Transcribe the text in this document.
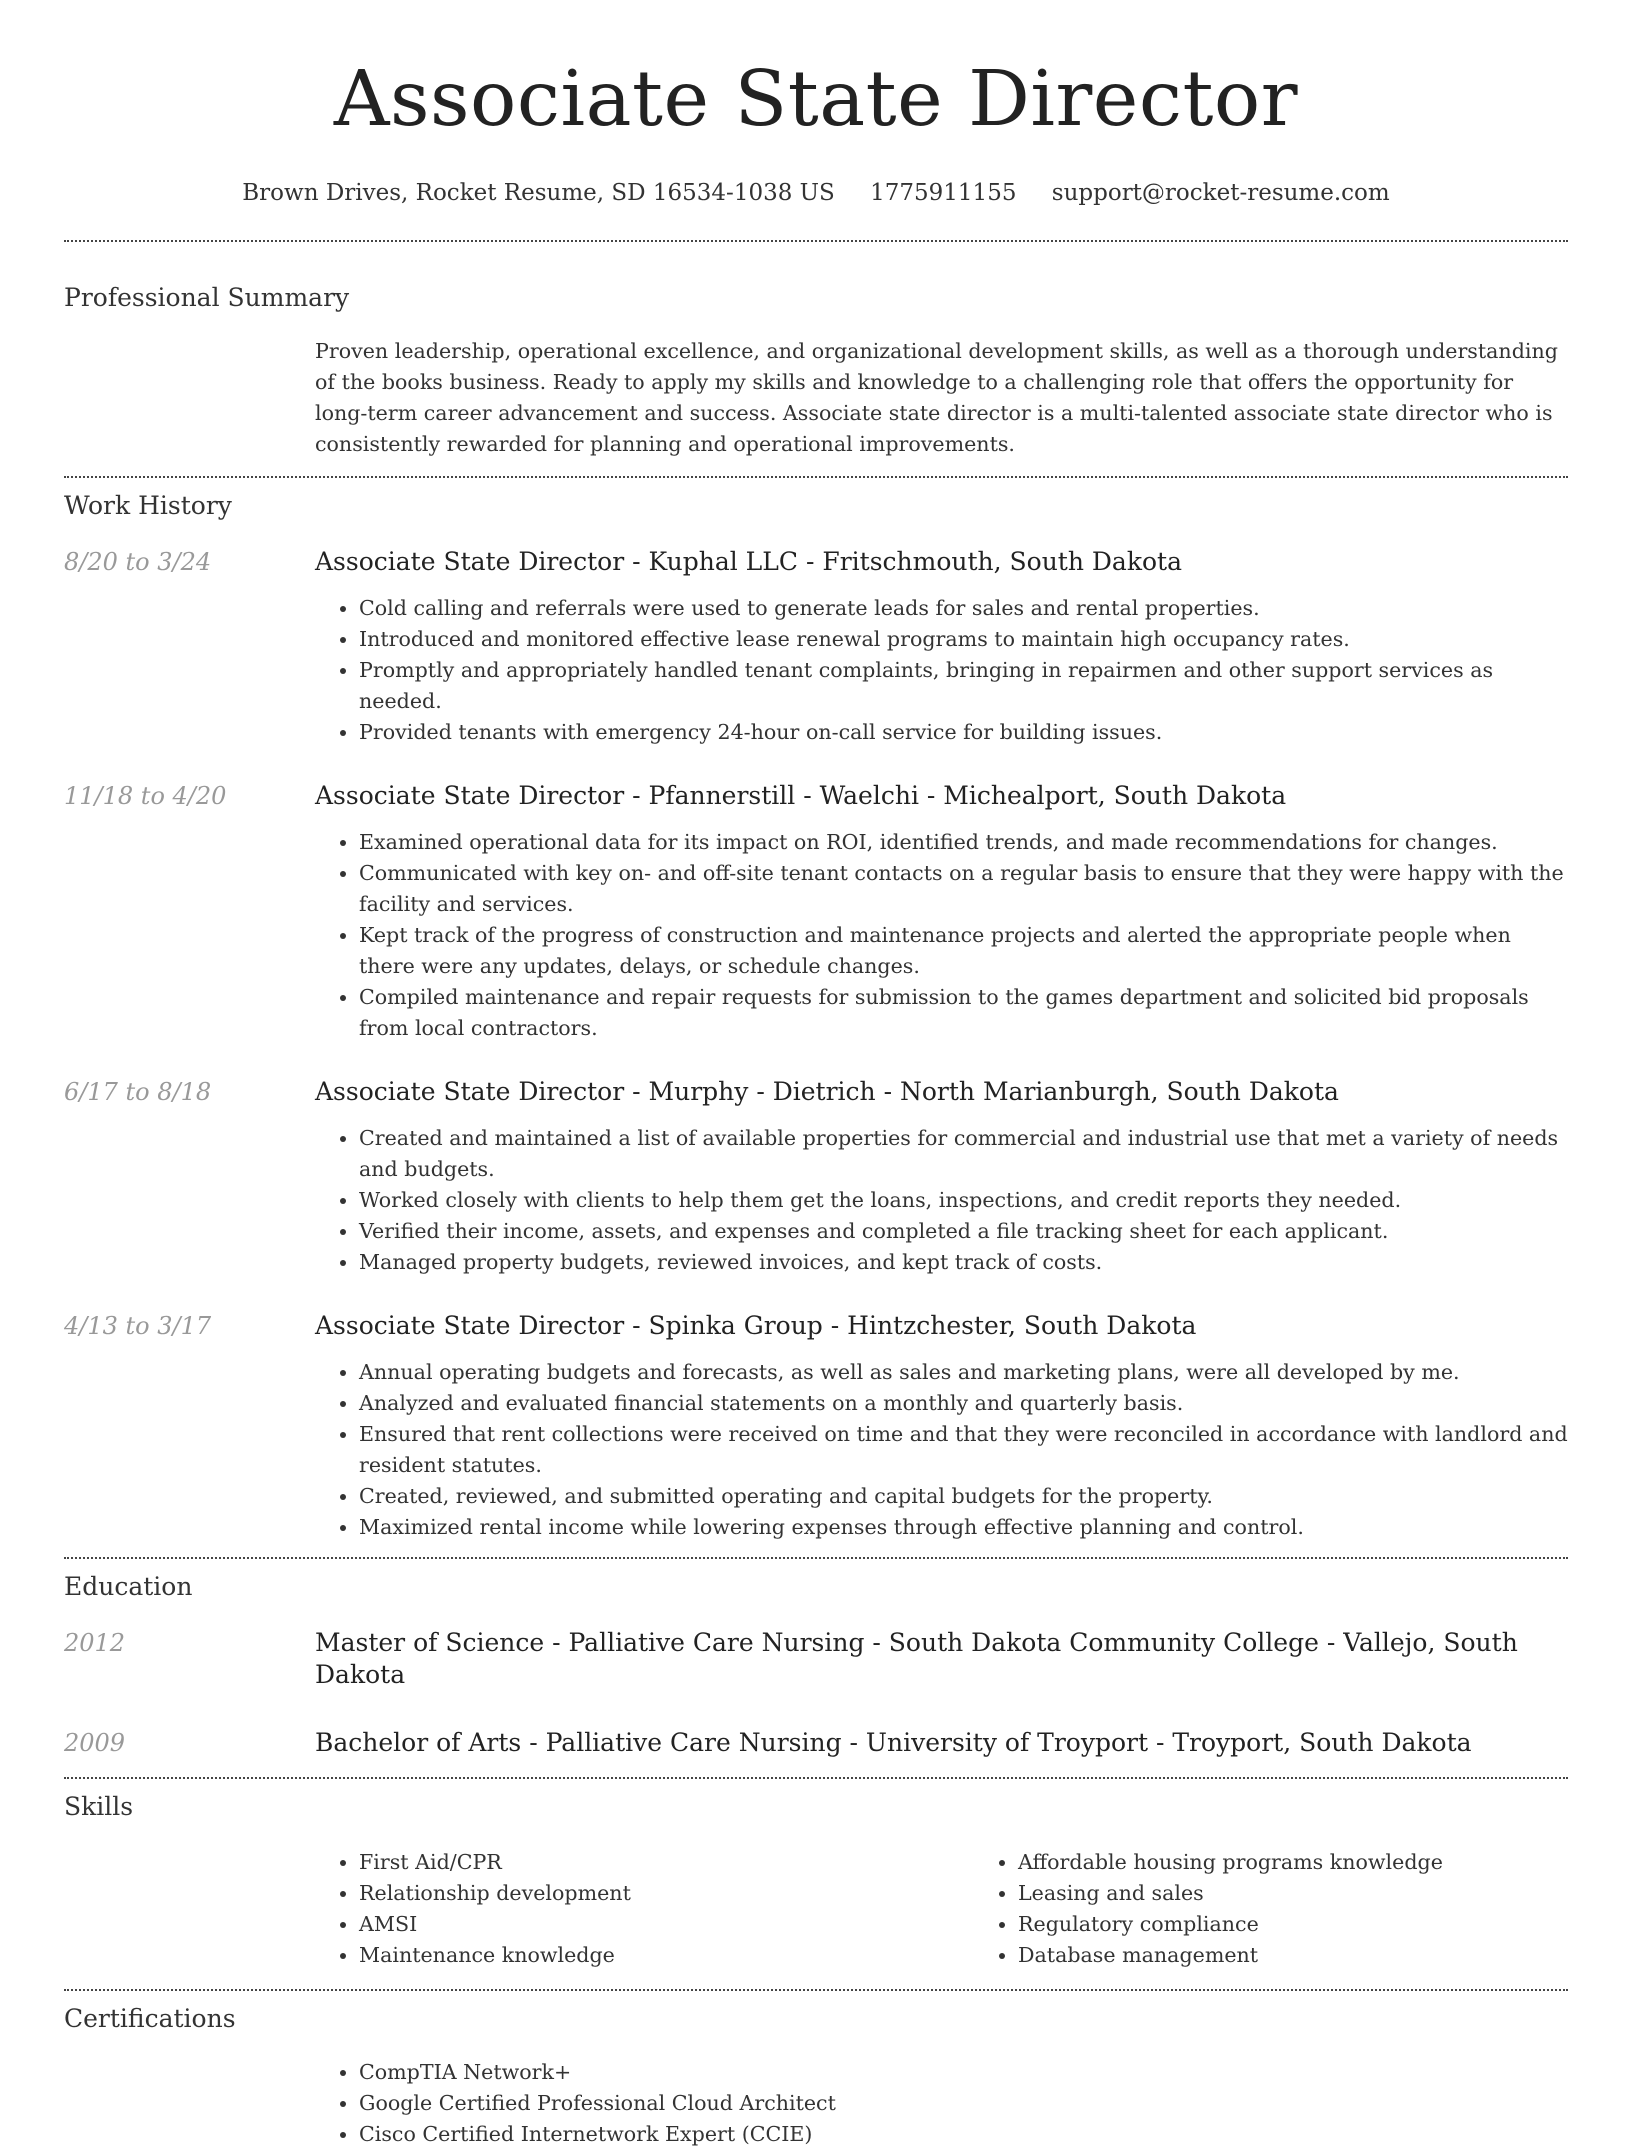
Associate State Director
Brown Drives, Rocket Resume, SD 16534-1038 US 1775911155 support@rocket-resume.com
Professional Summary

Proven leadership, operational excellence, and organizational development skills, as well as a thorough understanding of the books business. Ready to apply my skills and knowledge to a challenging role that offers the opportunity for long-term career advancement and success. Associate state director is a multi-talented associate state director who is consistently rewarded for planning and operational improvements.

Work History
8/20 to 3/24	Associate State Director - Kuphal LLC - Fritschmouth, South Dakota
• Cold calling and referrals were used to generate leads for sales and rental properties.
• Introduced and monitored effective lease renewal programs to maintain high occupancy rates.
• Promptly and appropriately handled tenant complaints, bringing in repairmen and other support services as needed.
• Provided tenants with emergency 24-hour on-call service for building issues.
11/18 to 4/20	Associate State Director - Pfannerstill - Waelchi - Michealport, South Dakota
• Examined operational data for its impact on ROI, identified trends, and made recommendations for changes.
• Communicated with key on- and off-site tenant contacts on a regular basis to ensure that they were happy with the facility and services.
• Kept track of the progress of construction and maintenance projects and alerted the appropriate people when there were any updates, delays, or schedule changes.
• Compiled maintenance and repair requests for submission to the games department and solicited bid proposals from local contractors.
6/17 to 8/18	Associate State Director - Murphy - Dietrich - North Marianburgh, South Dakota
• Created and maintained a list of available properties for commercial and industrial use that met a variety of needs and budgets.
• Worked closely with clients to help them get the loans, inspections, and credit reports they needed.
• Verified their income, assets, and expenses and completed a file tracking sheet for each applicant.
• Managed property budgets, reviewed invoices, and kept track of costs.
4/13 to 3/17	Associate State Director - Spinka Group - Hintzchester, South Dakota
• Annual operating budgets and forecasts, as well as sales and marketing plans, were all developed by me.
• Analyzed and evaluated financial statements on a monthly and quarterly basis.
• Ensured that rent collections were received on time and that they were reconciled in accordance with landlord and resident statutes.
• Created, reviewed, and submitted operating and capital budgets for the property.
• Maximized rental income while lowering expenses through effective planning and control.
Education
2012	Master of Science - Palliative Care Nursing - South Dakota Community College - Vallejo, South Dakota
2009	Bachelor of Arts - Palliative Care Nursing - University of Troyport - Troyport, South Dakota
Skills
• First Aid/CPR
• Relationship development
• AMSI
• Maintenance knowledge
• Affordable housing programs knowledge
• Leasing and sales
• Regulatory compliance
• Database management
Certifications
• CompTIA Network+
• Google Certified Professional Cloud Architect
• Cisco Certified Internetwork Expert (CCIE)
